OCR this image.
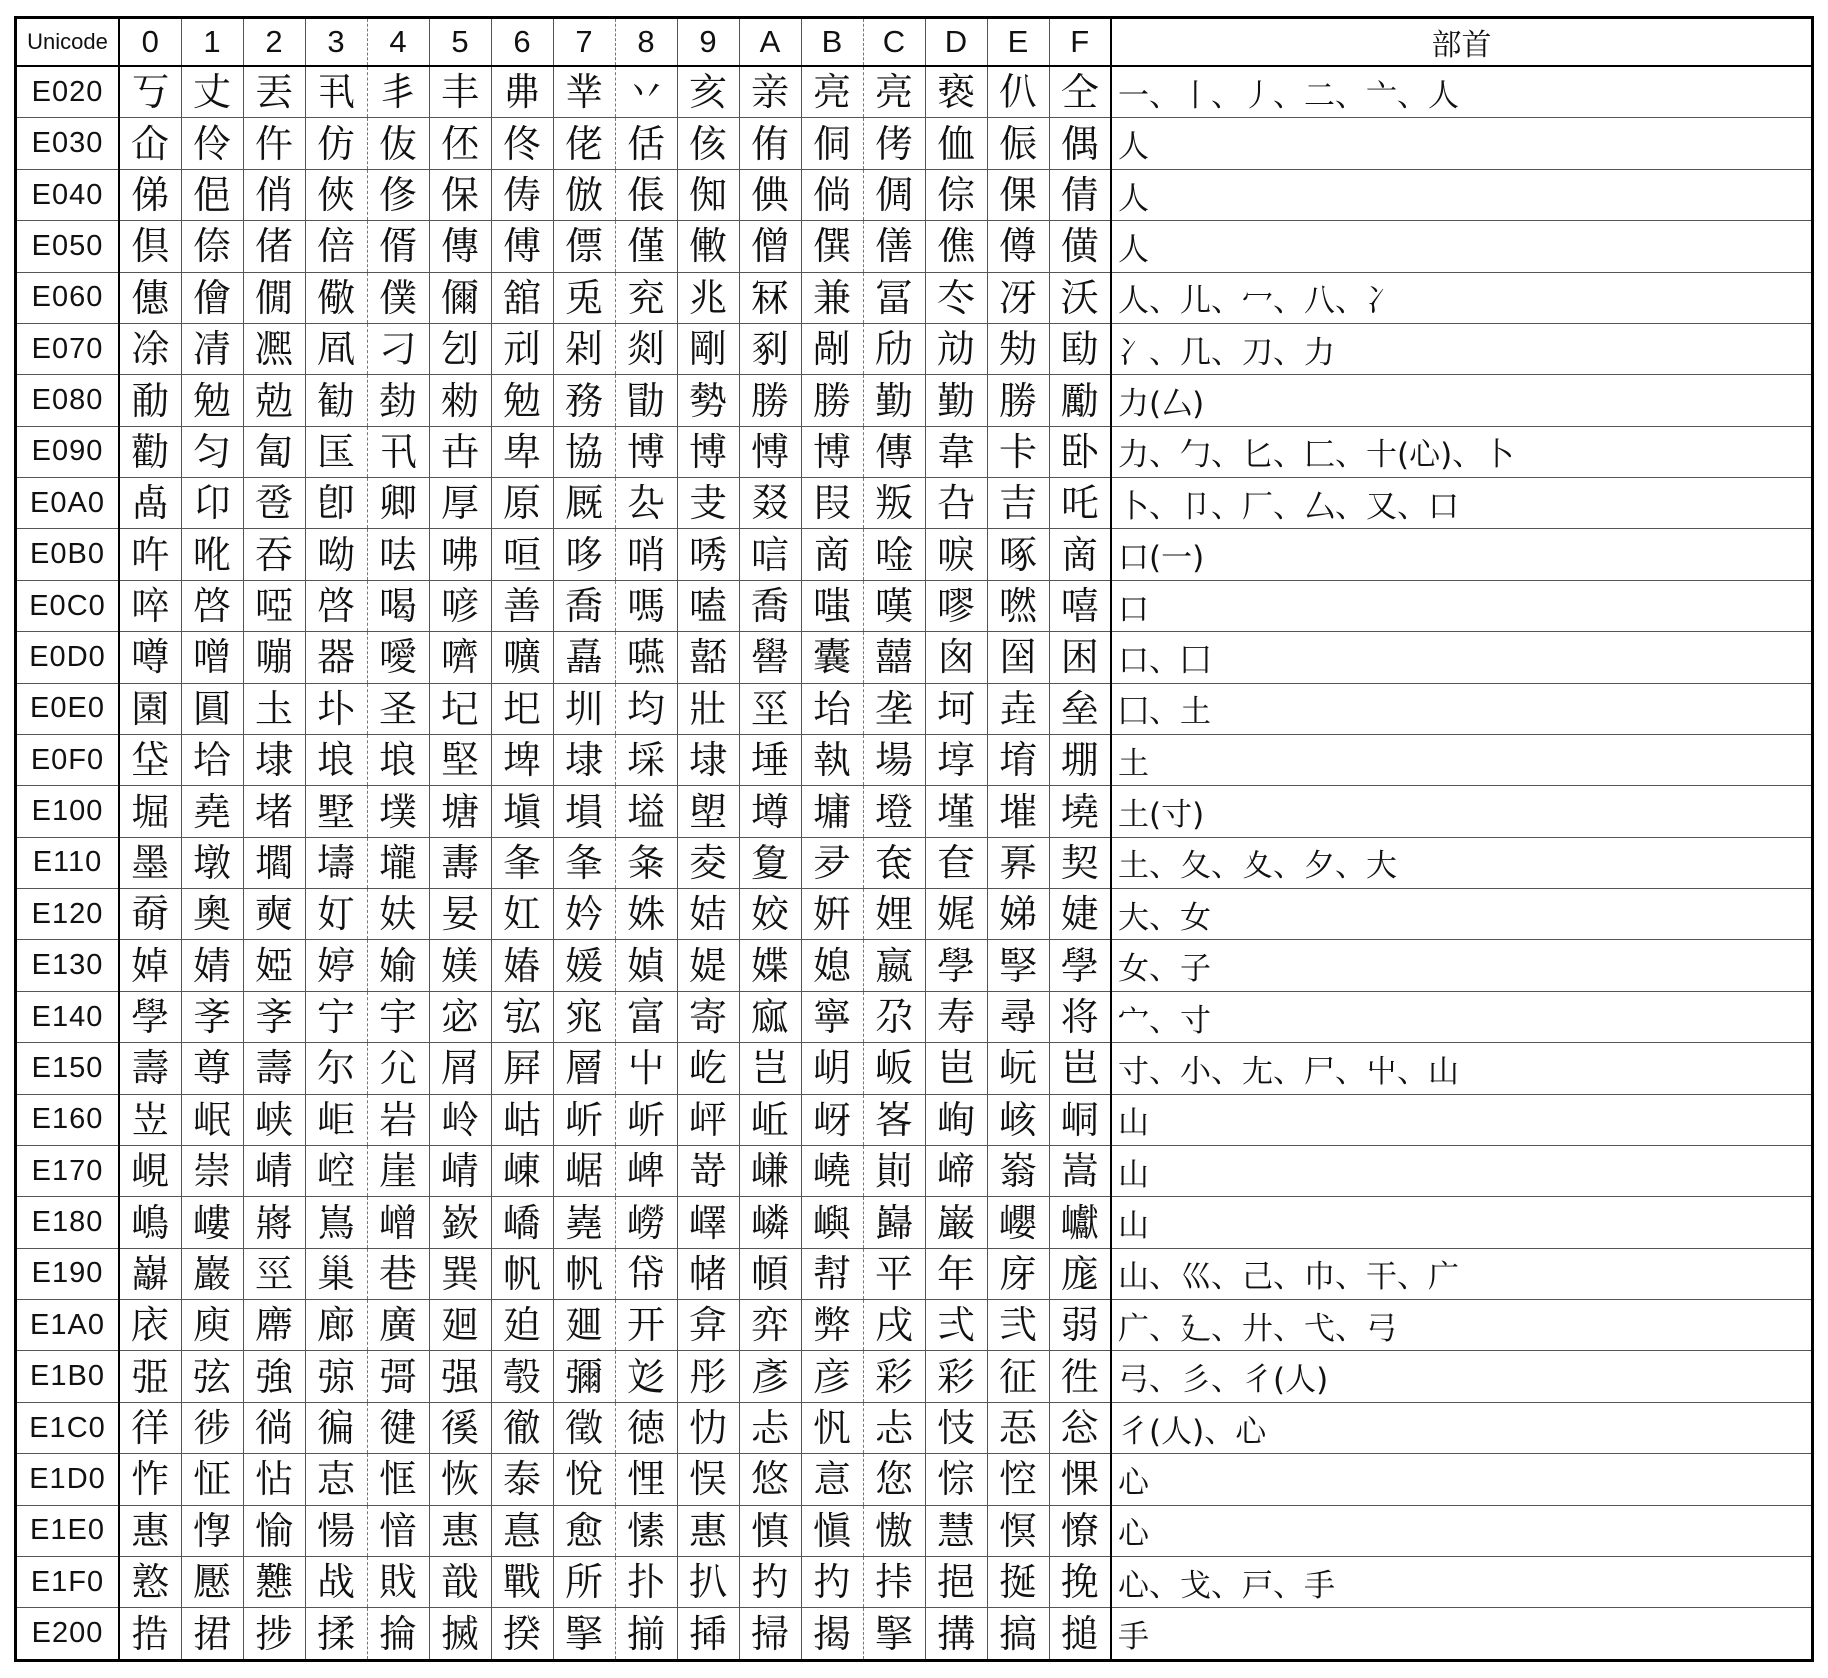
Unicode	0	1	2	3	4	5	6	7	8	9	A	B	C	D	E	F	部首
E020	丂	丈	丟	丮	丯	丰	丳	丵	丷	亥	亲	亮	亮	亵	仈	仝	一、丨、丿、二、亠、人
E030	仚	伶	仵	仿	伖	伾	佟	佬	佸	侅	侑	侗	侤	侐	侲	偶	人
E040	俤	俋	俏	俠	俢	保	俦	倣	倀	倁	倎	倘	倜	倧	倮	倩	人
E050	倶	倷	偖	倍	偦	傳	傅	僄	僅	僌	僧	僎	僐	僬	僔	僙	人
E060	僡	儈	僩	儆	僕	儞	舘	兎	兖	兆	冧	兼	冨	冭	冴	沃	人、儿、冖、八、冫
E070	凃	凊	凞	凮	刁	刉	刓	剁	剡	剛	剢	剮	劤	劥	劮	劻	冫、几、刀、力
E080	勈	勉	勊	勧	勎	勑	勉	務	勖	勢	勝	勝	勤	勤	勝	勵	力(厶)
E090	勸	匀	匐	匤	卂	卋	卑	協	博	博	愽	博	傳	韋	卡	卧	力、勹、匕、匚、十(心)、卜
E0A0	卨	卬	卺	卽	卿	厚	原	厩	厹	叏	叕	叚	叛	叴	吉	吒	卜、卩、厂、厶、又、口
E0B0	吘	吪	吞	呦	呿	咈	咺	哆	哨	唀	唁	啇	唫	唳	啄	啇	口(一)
E0C0	啐	啓	啞	啓	喝	喭	善	喬	嗎	嗑	喬	嗤	嘆	嘐	嘫	嘻	口
E0D0	噂	噌	嘣	器	噯	嚌	嚝	嚞	嚥	嚭	嚳	囊	囍	囪	囶	困	口、囗
E0E0	園	圓	圡	圤	圣	圮	圯	圳	均	壯	坙	坮	垄	坷	垚	垒	囗、土
E0F0	垈	垥	埭	埌	埌	堅	埤	埭	埰	埭	埵	執	場	埻	堉	堋	土
E100	堀	堯	堵	墅	墣	塘	塡	塤	塧	塱	墫	墉	墱	墐	墔	墝	土(寸)
E110	墨	墩	壛	壔	壠	夀	夆	夆	夈	夌	夐	夛	奃	奆	奡	契	土、夂、夊、夕、大
E120	奣	奧	奭	奵	妋	妟	妅	妗	姝	姞	姣	姸	娌	娓	娣	婕	大、女
E130	婥	婧	婭	婷	媮	媄	媋	媛	媜	媞	媟	媳	嬴	學	孯	學	女、子
E140	學	斈	斈	宁	宇	宓	宖	宨	富	寄	寙	寧	尕	寿	尋	将	宀、寸
E150	壽	尊	壽	尔	尣	屑	屛	層	屮	屹	岂	岄	岅	岜	岏	岜	寸、小、尢、尸、屮、山
E160	岦	岷	峡	岠	岩	岭	岵	岓	岓	岼	岴	岈	峉	峋	峐	峒	山
E170	峴	崇	崝	崆	崖	崝	崠	崌	崥	嵜	嵰	嶢	崱	崹	嵡	嵩	山
E180	嶋	嶁	嶈	嶌	嶒	嶔	嶠	嶤	嶗	嶧	嶙	嶼	巋	巌	巊	巘	山
E190	巐	巖	巠	巢	巷	巽	帆	帆	帒	帾	幁	幇	平	年	庌	庬	山、巛、己、巾、干、广
E1A0	庡	庾	廗	廊	廣	廻	廹	廽	开	弇	弈	弊	戌	弍	弐	弱	广、廴、廾、弋、弓
E1B0	弫	弦	強	弶	彁	强	彀	彌	彣	彤	彥	彦	彩	彩	征	徃	弓、彡、彳(人)
E1C0	徉	徏	徜	徧	徤	徯	徹	徵	徳	忇	忐	忛	忐	忮	忢	忩	彳(人)、心
E1D0	怍	怔	怗	怘	恇	恢	泰	悅	悝	悮	悠	悥	您	悰	悾	惈	心
E1E0	惠	惸	愉	愓	愔	惠	惪	愈	愫	惠	慎	愼	慠	慧	慏	憭	心
E1F0	憝	懕	戁	战	戝	戠	戰	所	扑	扒	扚	扚	挊	挹	挻	挽	心、戈、戸、手
E200	捁	捃	捗	揉	掄	搣	揆	掔	揃	揷	掃	揭	掔	搆	搞	搥	手
